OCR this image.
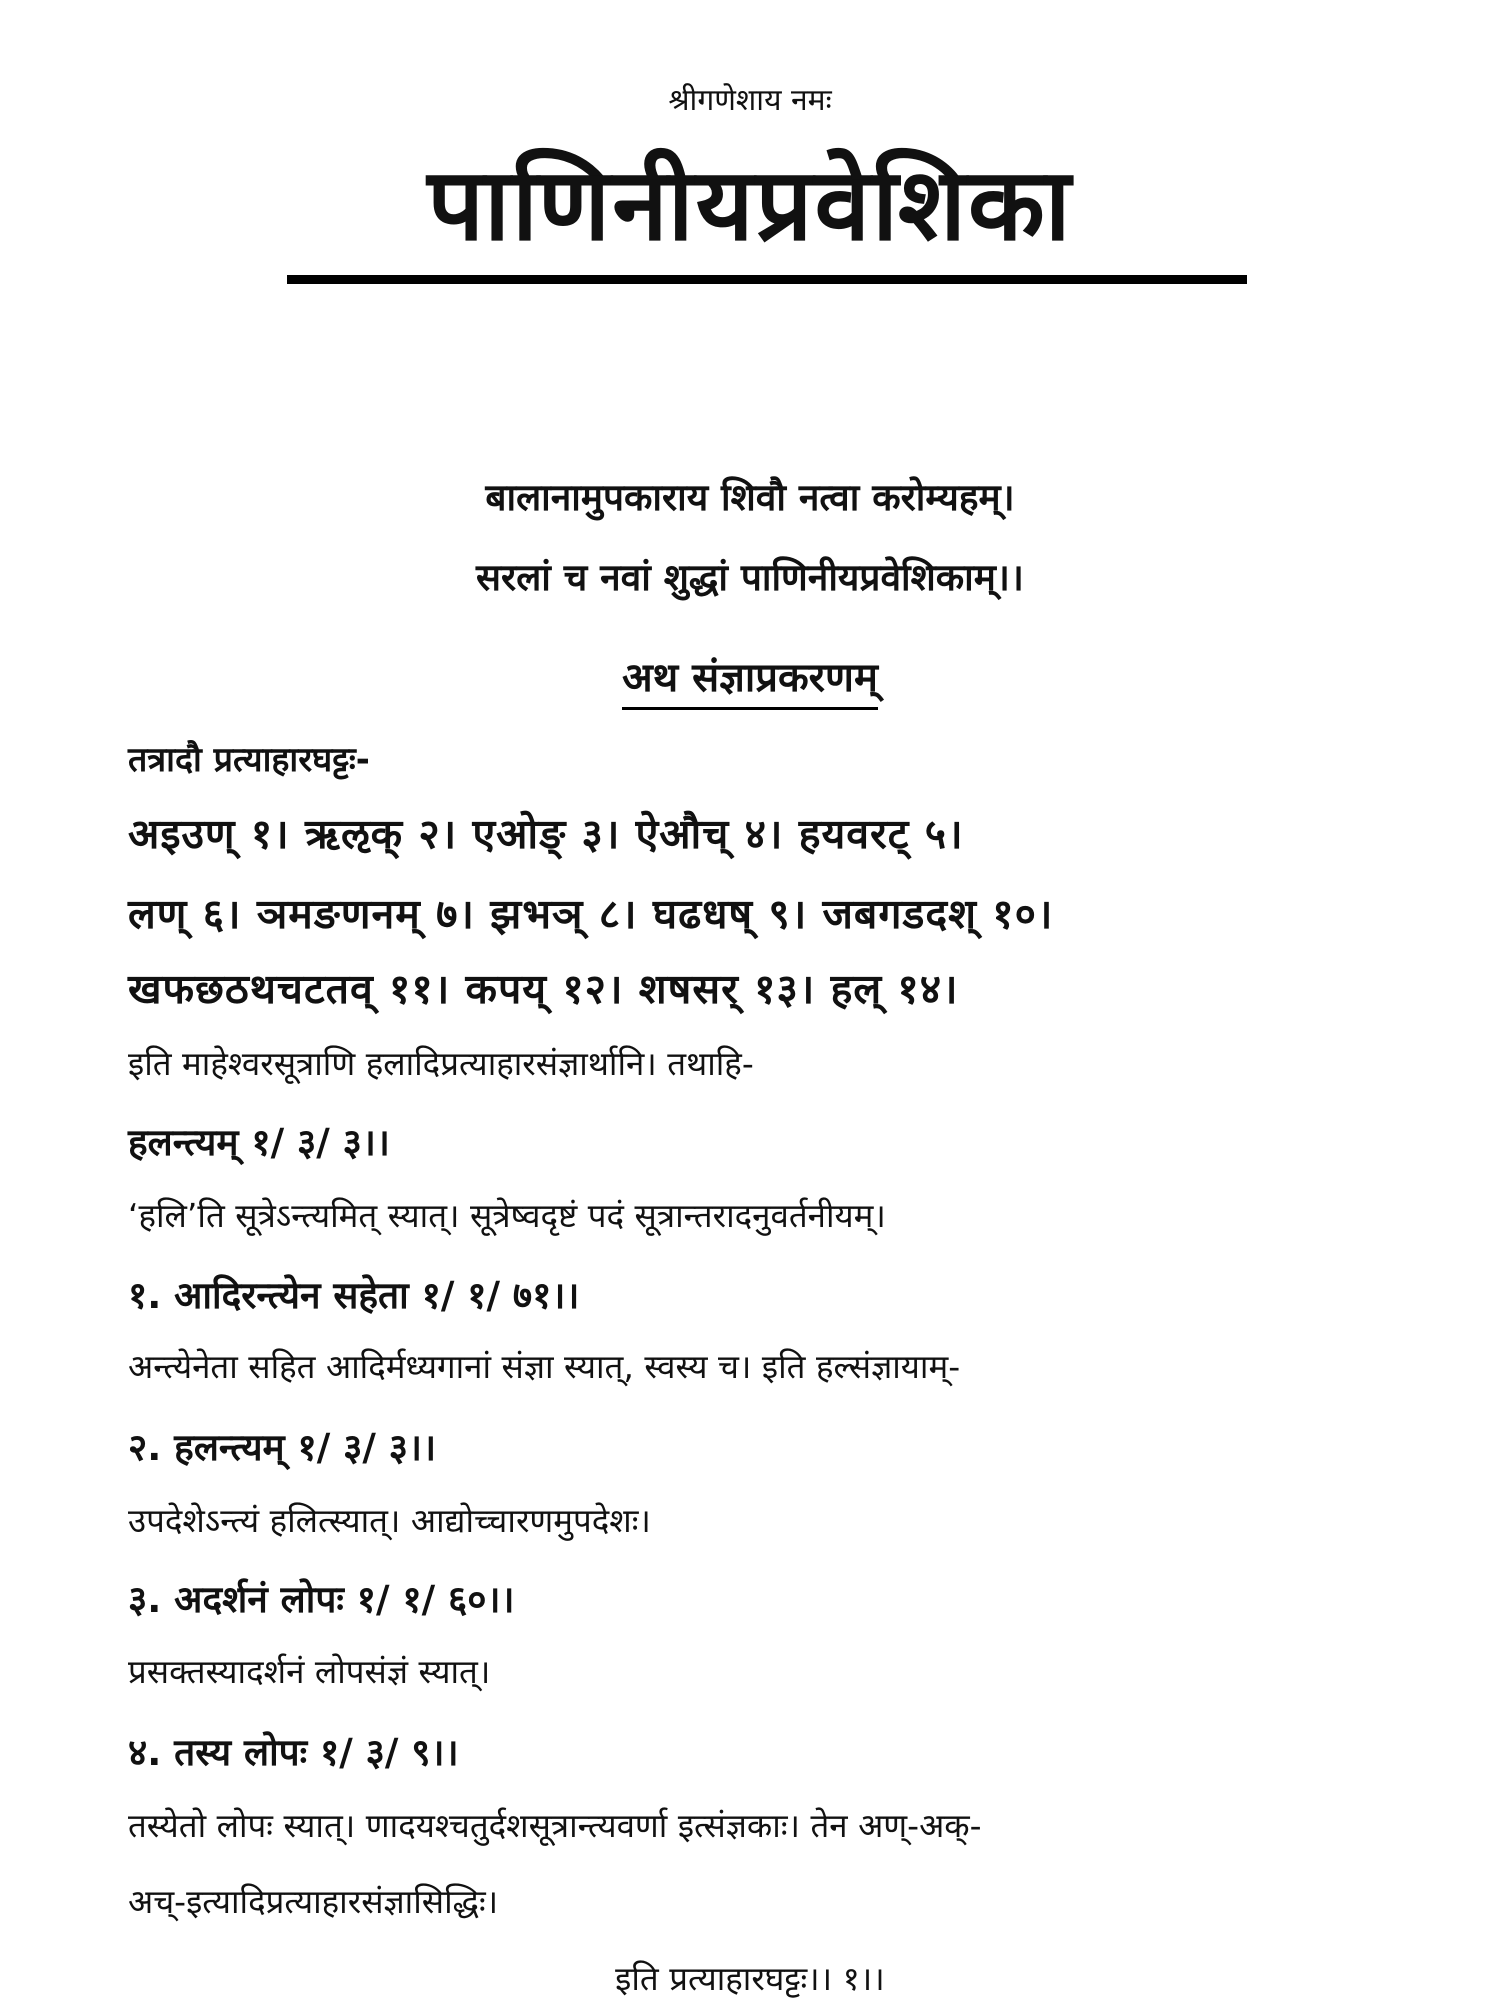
श्रीगणेशाय नमः
पाणिनीयप्रवेशिका
बालानामुपकाराय शिवौ नत्वा करोम्यहम्।
सरलां च नवां शुद्धां पाणिनीयप्रवेशिकाम्।।
अथ संज्ञाप्रकरणम्
तत्रादौ प्रत्याहारघट्टः-
अइउण् १। ऋऌक् २। एओङ् ३। ऐऔच् ४। हयवरट् ५।
लण् ६। ञमङणनम् ७। झभञ् ८। घढधष् ९। जबगडदश् १०।
खफछठथचटतव् ११। कपय् १२। शषसर् १३। हल् १४।
इति माहेश्वरसूत्राणि हलादिप्रत्याहारसंज्ञार्थानि। तथाहि-
हलन्त्यम् १/ ३/ ३।।
‘हलि’ति सूत्रेऽन्त्यमित् स्यात्। सूत्रेष्वदृष्टं पदं सूत्रान्तरादनुवर्तनीयम्।
१. आदिरन्त्येन सहेता १/ १/ ७१।।
अन्त्येनेता सहित आदिर्मध्यगानां संज्ञा स्यात्, स्वस्य च। इति हल्संज्ञायाम्-
२. हलन्त्यम् १/ ३/ ३।।
उपदेशेऽन्त्यं हलित्स्यात्। आद्योच्चारणमुपदेशः।
३. अदर्शनं लोपः १/ १/ ६०।।
प्रसक्तस्यादर्शनं लोपसंज्ञं स्यात्।
४. तस्य लोपः १/ ३/ ९।।
तस्येतो लोपः स्यात्। णादयश्चतुर्दशसूत्रान्त्यवर्णा इत्संज्ञकाः। तेन अण्-अक्-
अच्-इत्यादिप्रत्याहारसंज्ञासिद्धिः।
इति प्रत्याहारघट्टः।। १।।
